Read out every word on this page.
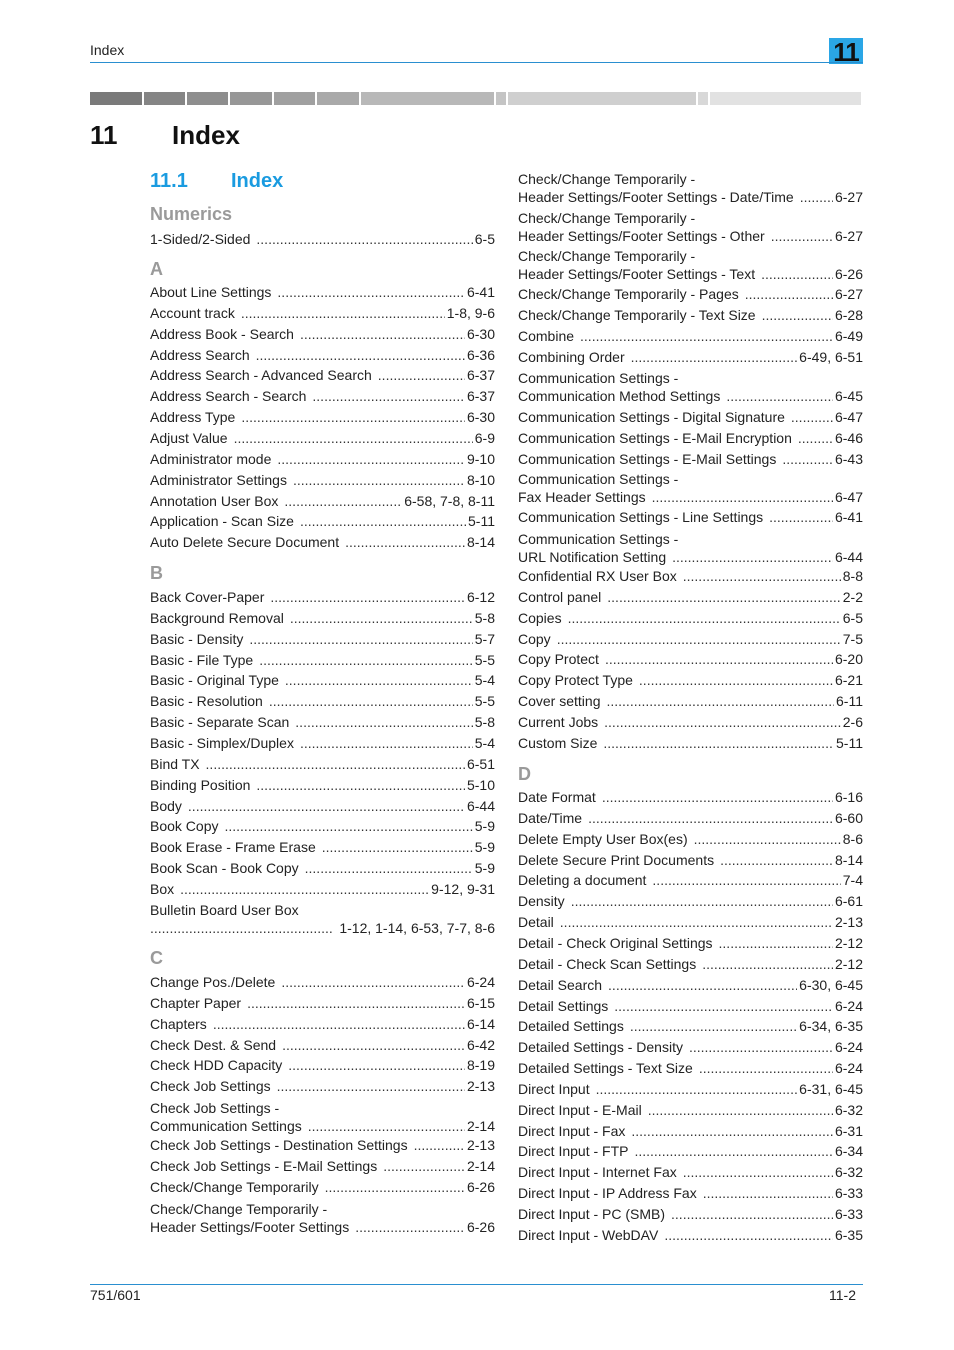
Index	11
11 Index
11.1 Index
Numerics
1-Sided/2-Sided .....	6-5
A
About Line Settings .....	6-41
Account track .....	1-8, 9-6
Address Book - Search .....	6-30
Address Search .....	6-36
Address Search - Advanced Search .....	6-37
Address Search - Search .....	6-37
Address Type .....	6-30
Adjust Value .....	6-9
Administrator mode .....	9-10
Administrator Settings .....	8-10
Annotation User Box .....	6-58, 7-8, 8-11
Application - Scan Size .....	5-11
Auto Delete Secure Document .....	8-14
B
Back Cover-Paper .....	6-12
Background Removal .....	5-8
Basic - Density .....	5-7
Basic - File Type .....	5-5
Basic - Original Type .....	5-4
Basic - Resolution .....	5-5
Basic - Separate Scan .....	5-8
Basic - Simplex/Duplex .....	5-4
Bind TX .....	6-51
Binding Position .....	5-10
Body .....	6-44
Book Copy .....	5-9
Book Erase - Frame Erase .....	5-9
Book Scan - Book Copy .....	5-9
Box .....	9-12, 9-31
Bulletin Board User Box
.....
1-12, 1-14, 6-53, 7-7, 8-6
C
Change Pos./Delete .....	6-24
Chapter Paper .....	6-15
Chapters .....	6-14
Check Dest. & Send .....	6-42
Check HDD Capacity .....	8-19
Check Job Settings .....	2-13
Check Job Settings -
Communication Settings .....	2-14
Check Job Settings - Destination Settings .....	2-13
Check Job Settings - E-Mail Settings .....	2-14
Check/Change Temporarily .....	6-26
Check/Change Temporarily -
Header Settings/Footer Settings .....	6-26
Check/Change Temporarily -
Header Settings/Footer Settings - Date/Time .....	6-27
Check/Change Temporarily -
Header Settings/Footer Settings - Other .....	6-27
Check/Change Temporarily -
Header Settings/Footer Settings - Text .....	6-26
Check/Change Temporarily - Pages .....	6-27
Check/Change Temporarily - Text Size .....	6-28
Combine .....	6-49
Combining Order .....	6-49, 6-51
Communication Settings -
Communication Method Settings .....	6-45
Communication Settings - Digital Signature .....	6-47
Communication Settings - E-Mail Encryption .....	6-46
Communication Settings - E-Mail Settings .....	6-43
Communication Settings -
Fax Header Settings .....	6-47
Communication Settings - Line Settings .....	6-41
Communication Settings -
URL Notification Setting .....	6-44
Confidential RX User Box .....	8-8
Control panel .....	2-2
Copies .....	6-5
Copy .....	7-5
Copy Protect .....	6-20
Copy Protect Type .....	6-21
Cover setting .....	6-11
Current Jobs .....	2-6
Custom Size .....	5-11
D
Date Format .....	6-16
Date/Time .....	6-60
Delete Empty User Box(es) .....	8-6
Delete Secure Print Documents .....	8-14
Deleting a document .....	7-4
Density .....	6-61
Detail .....	2-13
Detail - Check Original Settings .....	2-12
Detail - Check Scan Settings .....	2-12
Detail Search .....	6-30, 6-45
Detail Settings .....	6-24
Detailed Settings .....	6-34, 6-35
Detailed Settings - Density .....	6-24
Detailed Settings - Text Size .....	6-24
Direct Input .....	6-31, 6-45
Direct Input - E-Mail .....	6-32
Direct Input - Fax .....	6-31
Direct Input - FTP .....	6-34
Direct Input - Internet Fax .....	6-32
Direct Input - IP Address Fax .....	6-33
Direct Input - PC (SMB) .....	6-33
Direct Input - WebDAV .....	6-35
751/601	11-2
